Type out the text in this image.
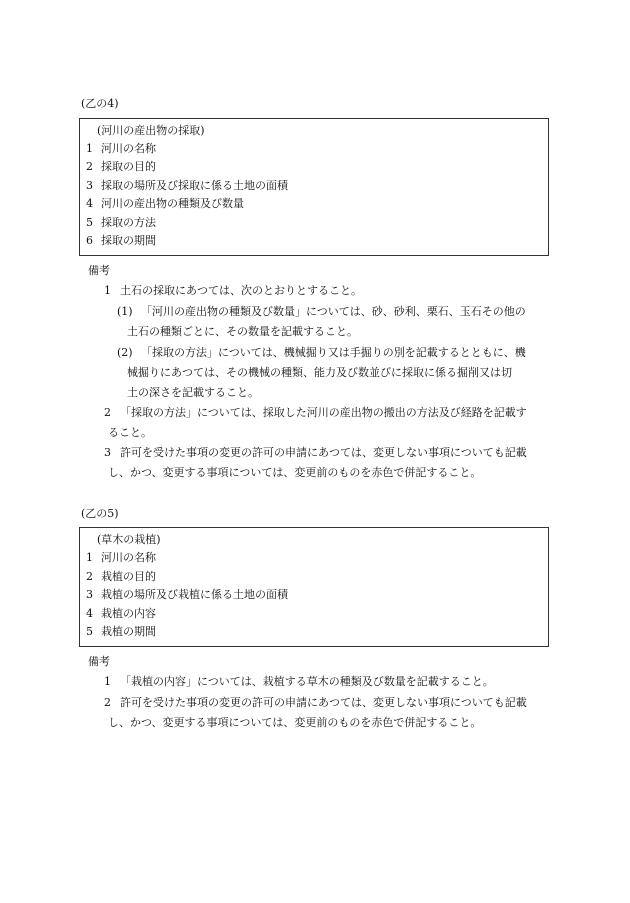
(乙の4)
(河川の産出物の採取)
1 河川の名称
2 採取の目的
3 採取の場所及び採取に係る土地の面積
4 河川の産出物の種類及び数量
5 採取の方法
6 採取の期間
備考
1 土石の採取にあつては、次のとおりとすること。
(1) 「河川の産出物の種類及び数量」については、砂、砂利、栗石、玉石その他の
土石の種類ごとに、その数量を記載すること。
(2) 「採取の方法」については、機械掘り又は手掘りの別を記載するとともに、機
械掘りにあつては、その機械の種類、能力及び数並びに採取に係る掘削又は切
土の深さを記載すること。
2 「採取の方法」については、採取した河川の産出物の搬出の方法及び経路を記載す
ること。
3 許可を受けた事項の変更の許可の申請にあつては、変更しない事項についても記載
し、かつ、変更する事項については、変更前のものを赤色で併記すること。
(乙の5)
(草木の栽植)
1 河川の名称
2 栽植の目的
3 栽植の場所及び栽植に係る土地の面積
4 栽植の内容
5 栽植の期間
備考
1 「栽植の内容」については、栽植する草木の種類及び数量を記載すること。
2 許可を受けた事項の変更の許可の申請にあつては、変更しない事項についても記載
し、かつ、変更する事項については、変更前のものを赤色で併記すること。
